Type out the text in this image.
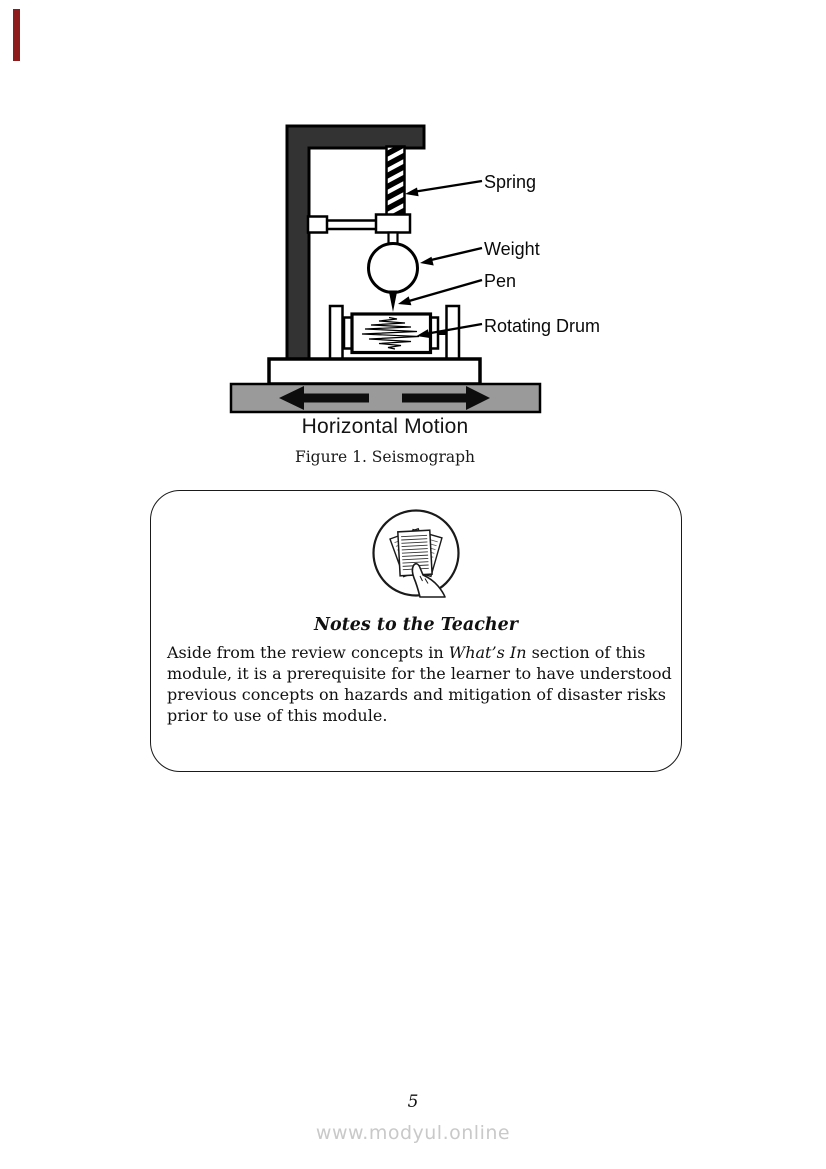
Spring
Weight
Pen
Rotating Drum
Horizontal Motion
Figure 1. Seismograph
Notes to the Teacher
Aside from the review concepts in What’s In section of this module, it is a prerequisite for the learner to have understood previous concepts on hazards and mitigation of disaster risks prior to use of this module.
5
www.modyul.online
